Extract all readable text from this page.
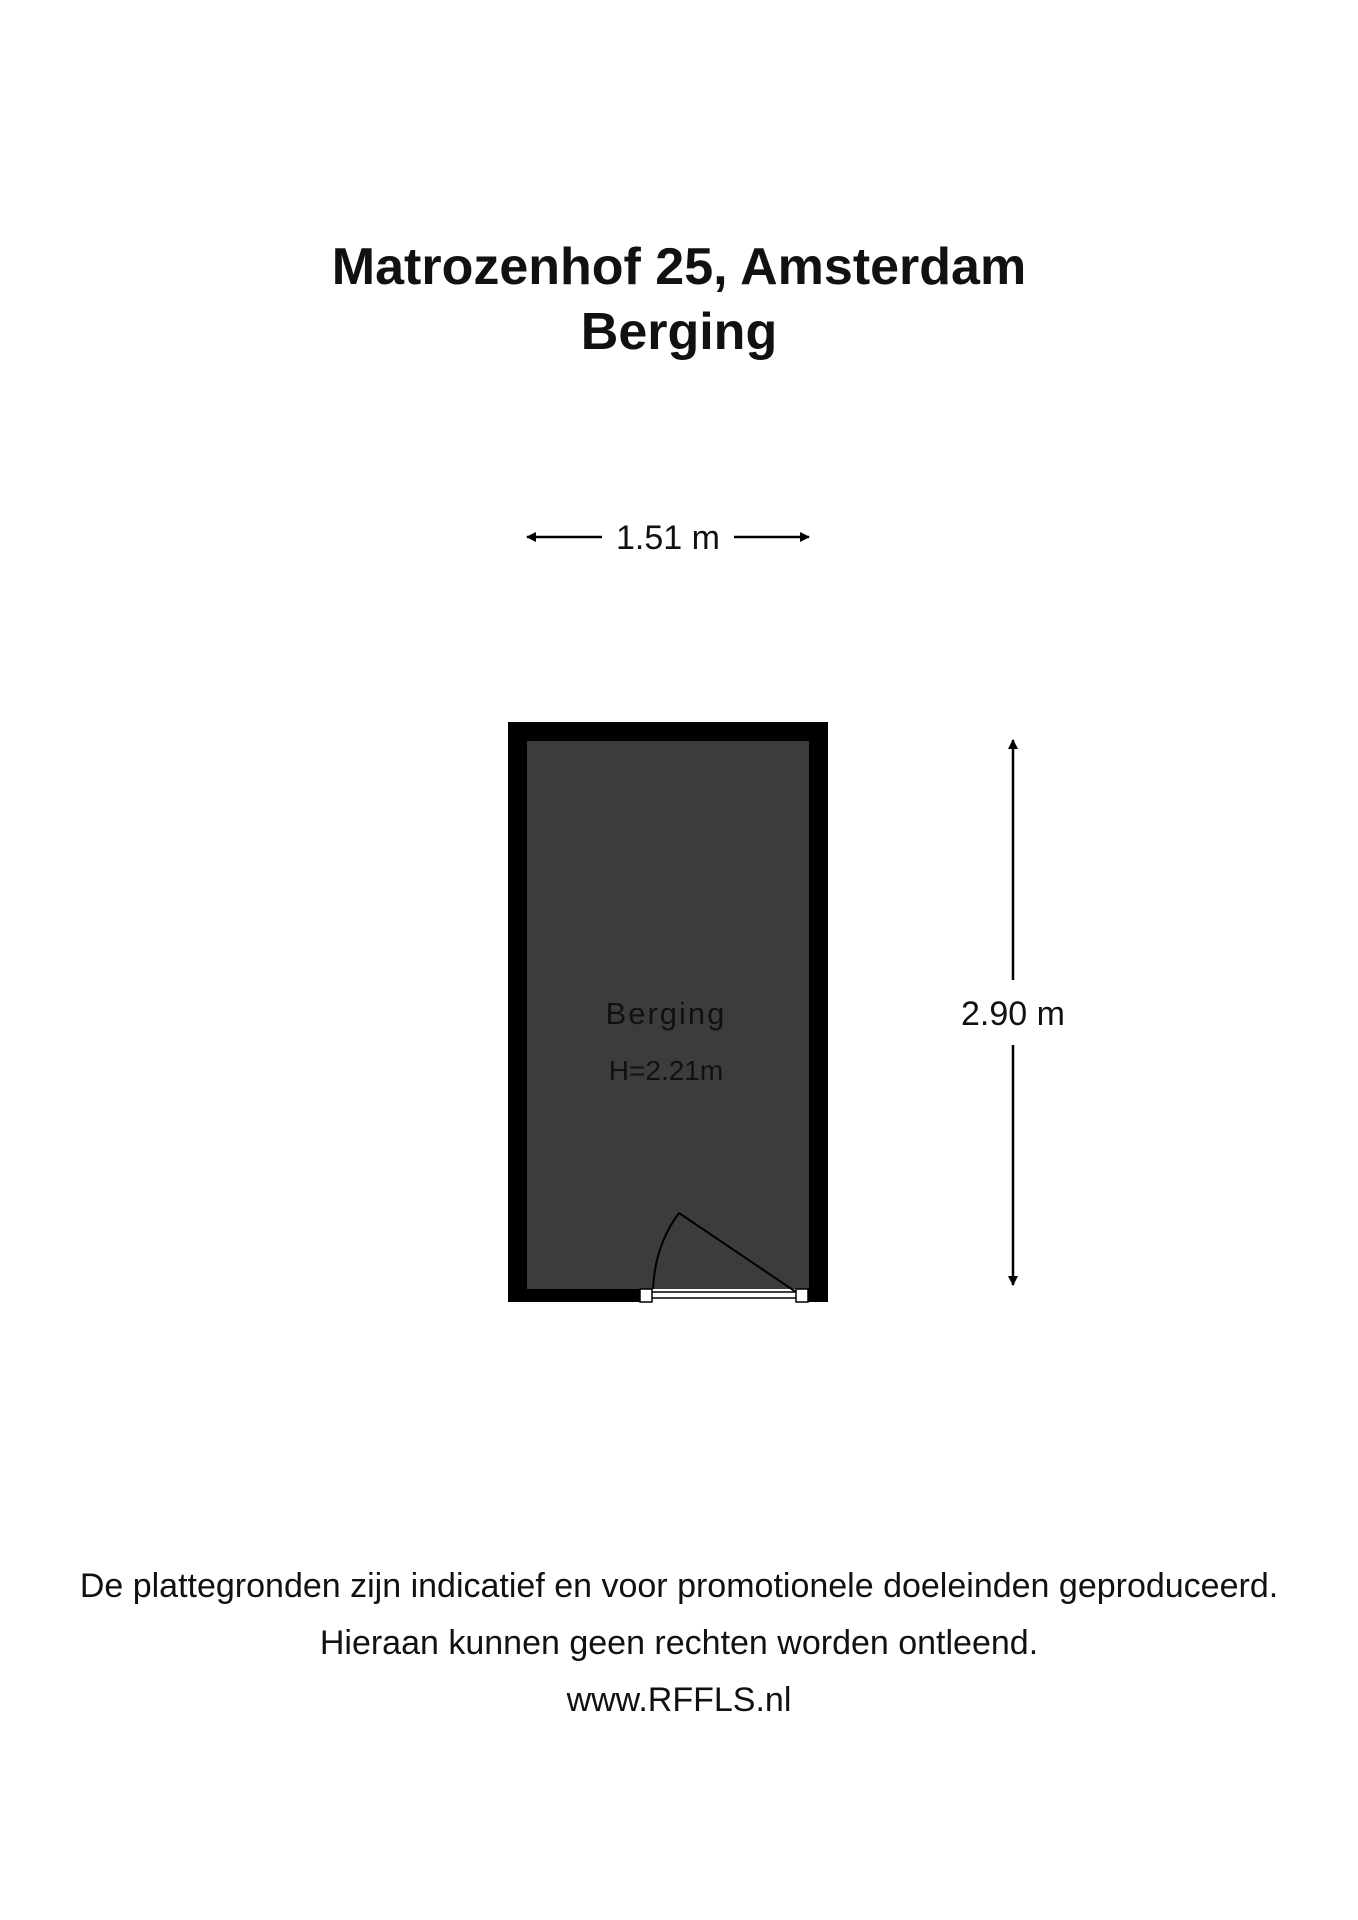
Matrozenhof 25, Amsterdam
Berging
1.51 m
Berging
H=2.21m
2.90 m
De plattegronden zijn indicatief en voor promotionele doeleinden geproduceerd.
Hieraan kunnen geen rechten worden ontleend.
www.RFFLS.nl
